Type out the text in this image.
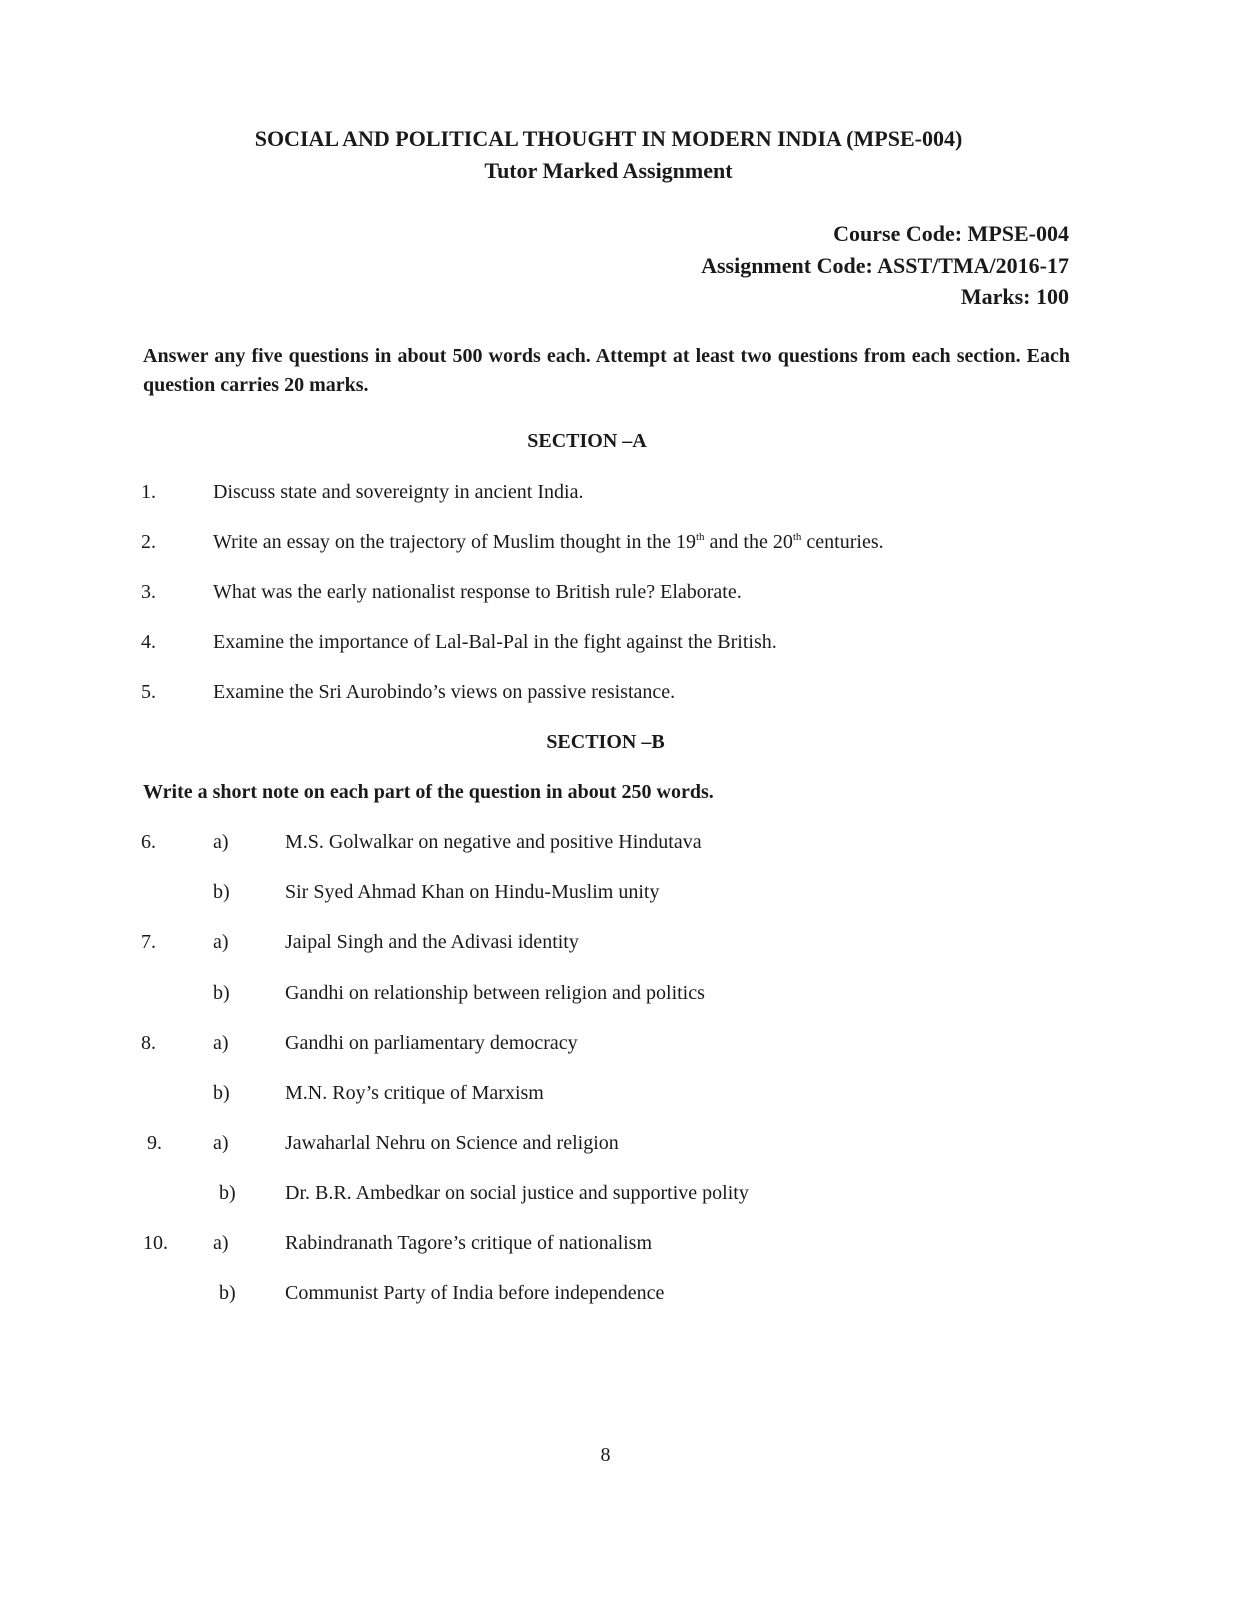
SOCIAL AND POLITICAL THOUGHT IN MODERN INDIA (MPSE-004)
Tutor Marked Assignment
Course Code: MPSE-004
Assignment Code: ASST/TMA/2016-17
Marks: 100
Answer any five questions in about 500 words each. Attempt at least two questions from each section. Each question carries 20 marks.
SECTION –A
1.	Discuss state and sovereignty in ancient India.
2.	Write an essay on the trajectory of Muslim thought in the 19th and the 20th centuries.
3.	What was the early nationalist response to British rule? Elaborate.
4.	Examine the importance of Lal-Bal-Pal in the fight against the British.
5.	Examine the Sri Aurobindo’s views on passive resistance.
SECTION –B
Write a short note on each part of the question in about 250 words.
6.	a)	M.S. Golwalkar on negative and positive Hindutava
b)	Sir Syed Ahmad Khan on Hindu-Muslim unity
7.	a)	Jaipal Singh and the Adivasi identity
b)	Gandhi on relationship between religion and politics
8.	a)	Gandhi on parliamentary democracy
b)	M.N. Roy’s critique of Marxism
9.	a)	Jawaharlal Nehru on Science and religion
b) Dr. B.R. Ambedkar on social justice and supportive polity
10. a)	Rabindranath Tagore’s critique of nationalism
b) Communist Party of India before independence
8
